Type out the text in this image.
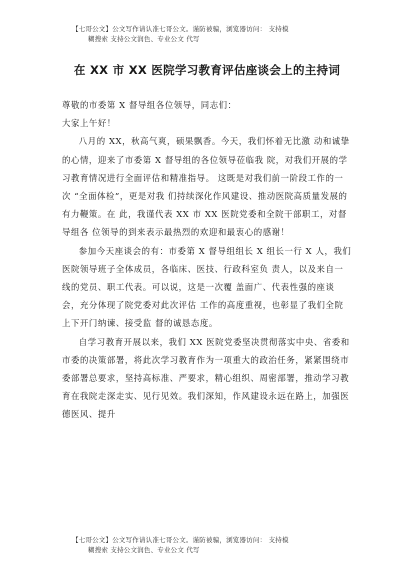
【七哥公文】公文写作请认准七哥公文。谨防被骗，浏览器访问： 支持模
糊搜索 支持公文润色、专业公文 代写
在 XX 市 XX 医院学习教育评估座谈会上的主持词

尊敬的市委第 X 督导组各位领导，同志们：

大家上午好！

八月的 XX，秋高气爽，硕果飘香。今天，我们怀着无比激 动和诚挚的心情，迎来了市委第 X 督导组的各位领导莅临我 院，对我们开展的学习教育情况进行全面评估和精准指导。 这既是对我们前一阶段工作的一次 “全面体检”，更是对我 们持续深化作风建设、推动医院高质量发展的有力鞭策。在 此，我谨代表 XX 市 XX 医院党委和全院干部职工，对督导组各 位领导的到来表示最热烈的欢迎和最衷心的感谢！

参加今天座谈会的有：市委第 X 督导组组长 X 组长一行 X 人，我们医院领导班子全体成员，各临床、医技、行政科室负 责人，以及来自一线的党员、职工代表。可以说，这是一次覆 盖面广、代表性强的座谈会，充分体现了院党委对此次评估 工作的高度重视，也彰显了我们全院上下开门纳谏、接受监 督的诚恳态度。

自学习教育开展以来，我们 XX 医院党委坚决贯彻落实中央、省委和市委的决策部署，将此次学习教育作为一项重大的政治任务，紧紧围绕市委部署总要求，坚持高标准、严要求，精心组织、周密部署，推动学习教育在我院走深走实、见行见效。我们深知，作风建设永远在路上，加强医德医风、提升

【七哥公文】公文写作请认准七哥公文。谨防被骗，浏览器访问： 支持模
糊搜索 支持公文润色、专业公文 代写
